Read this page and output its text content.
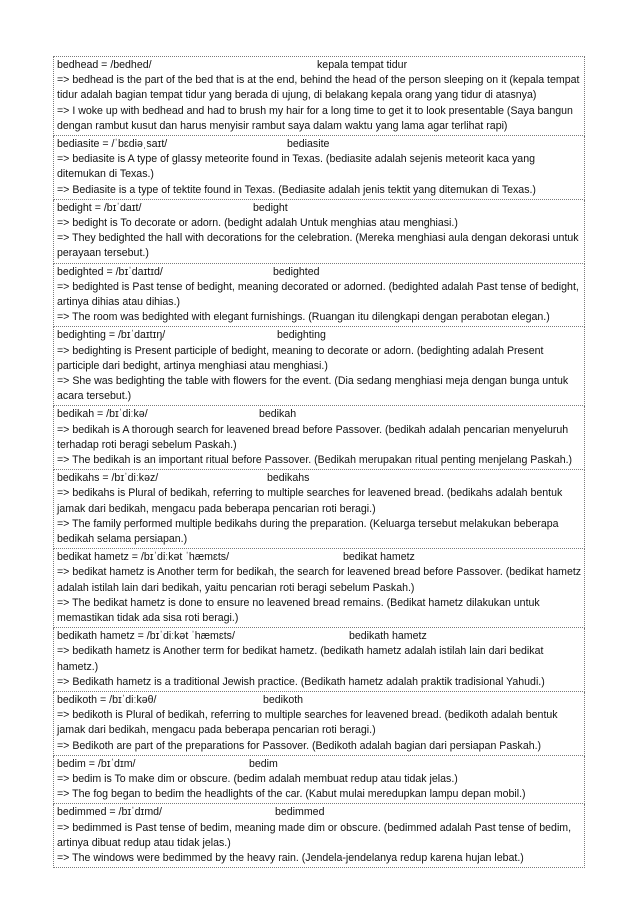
bedhead = /bedhed/	kepala tempat tidur
=> bedhead is the part of the bed that is at the end, behind the head of the person sleeping on it (kepala tempat tidur adalah bagian tempat tidur yang berada di ujung, di belakang kepala orang yang tidur di atasnya)
=> I woke up with bedhead and had to brush my hair for a long time to get it to look presentable (Saya bangun dengan rambut kusut dan harus menyisir rambut saya dalam waktu yang lama agar terlihat rapi)
bediasite = /ˈbɛdiəˌsaɪt/	bediasite
=> bediasite is A type of glassy meteorite found in Texas. (bediasite adalah sejenis meteorit kaca yang ditemukan di Texas.)
=> Bediasite is a type of tektite found in Texas. (Bediasite adalah jenis tektit yang ditemukan di Texas.)
bedight = /bɪˈdaɪt/	bedight
=> bedight is To decorate or adorn. (bedight adalah Untuk menghias atau menghiasi.)
=> They bedighted the hall with decorations for the celebration. (Mereka menghiasi aula dengan dekorasi untuk perayaan tersebut.)
bedighted = /bɪˈdaɪtɪd/	bedighted
=> bedighted is Past tense of bedight, meaning decorated or adorned. (bedighted adalah Past tense of bedight, artinya dihias atau dihias.)
=> The room was bedighted with elegant furnishings. (Ruangan itu dilengkapi dengan perabotan elegan.)
bedighting = /bɪˈdaɪtɪŋ/	bedighting
=> bedighting is Present participle of bedight, meaning to decorate or adorn. (bedighting adalah Present participle dari bedight, artinya menghiasi atau menghiasi.)
=> She was bedighting the table with flowers for the event. (Dia sedang menghiasi meja dengan bunga untuk acara tersebut.)
bedikah = /bɪˈdiːkə/	bedikah
=> bedikah is A thorough search for leavened bread before Passover. (bedikah adalah pencarian menyeluruh terhadap roti beragi sebelum Paskah.)
=> The bedikah is an important ritual before Passover. (Bedikah merupakan ritual penting menjelang Paskah.)
bedikahs = /bɪˈdiːkəz/	bedikahs
=> bedikahs is Plural of bedikah, referring to multiple searches for leavened bread. (bedikahs adalah bentuk jamak dari bedikah, mengacu pada beberapa pencarian roti beragi.)
=> The family performed multiple bedikahs during the preparation. (Keluarga tersebut melakukan beberapa bedikah selama persiapan.)
bedikat hametz = /bɪˈdiːkət ˈhæmɛts/	bedikat hametz
=> bedikat hametz is Another term for bedikah, the search for leavened bread before Passover. (bedikat hametz adalah istilah lain dari bedikah, yaitu pencarian roti beragi sebelum Paskah.)
=> The bedikat hametz is done to ensure no leavened bread remains. (Bedikat hametz dilakukan untuk memastikan tidak ada sisa roti beragi.)
bedikath hametz = /bɪˈdiːkət ˈhæmɛts/	bedikath hametz
=> bedikath hametz is Another term for bedikat hametz. (bedikath hametz adalah istilah lain dari bedikat hametz.)
=> Bedikath hametz is a traditional Jewish practice. (Bedikath hametz adalah praktik tradisional Yahudi.)
bedikoth = /bɪˈdiːkəθ/	bedikoth
=> bedikoth is Plural of bedikah, referring to multiple searches for leavened bread. (bedikoth adalah bentuk jamak dari bedikah, mengacu pada beberapa pencarian roti beragi.)
=> Bedikoth are part of the preparations for Passover. (Bedikoth adalah bagian dari persiapan Paskah.)
bedim = /bɪˈdɪm/	bedim
=> bedim is To make dim or obscure. (bedim adalah membuat redup atau tidak jelas.)
=> The fog began to bedim the headlights of the car. (Kabut mulai meredupkan lampu depan mobil.)
bedimmed = /bɪˈdɪmd/	bedimmed
=> bedimmed is Past tense of bedim, meaning made dim or obscure. (bedimmed adalah Past tense of bedim, artinya dibuat redup atau tidak jelas.)
=> The windows were bedimmed by the heavy rain. (Jendela-jendelanya redup karena hujan lebat.)
